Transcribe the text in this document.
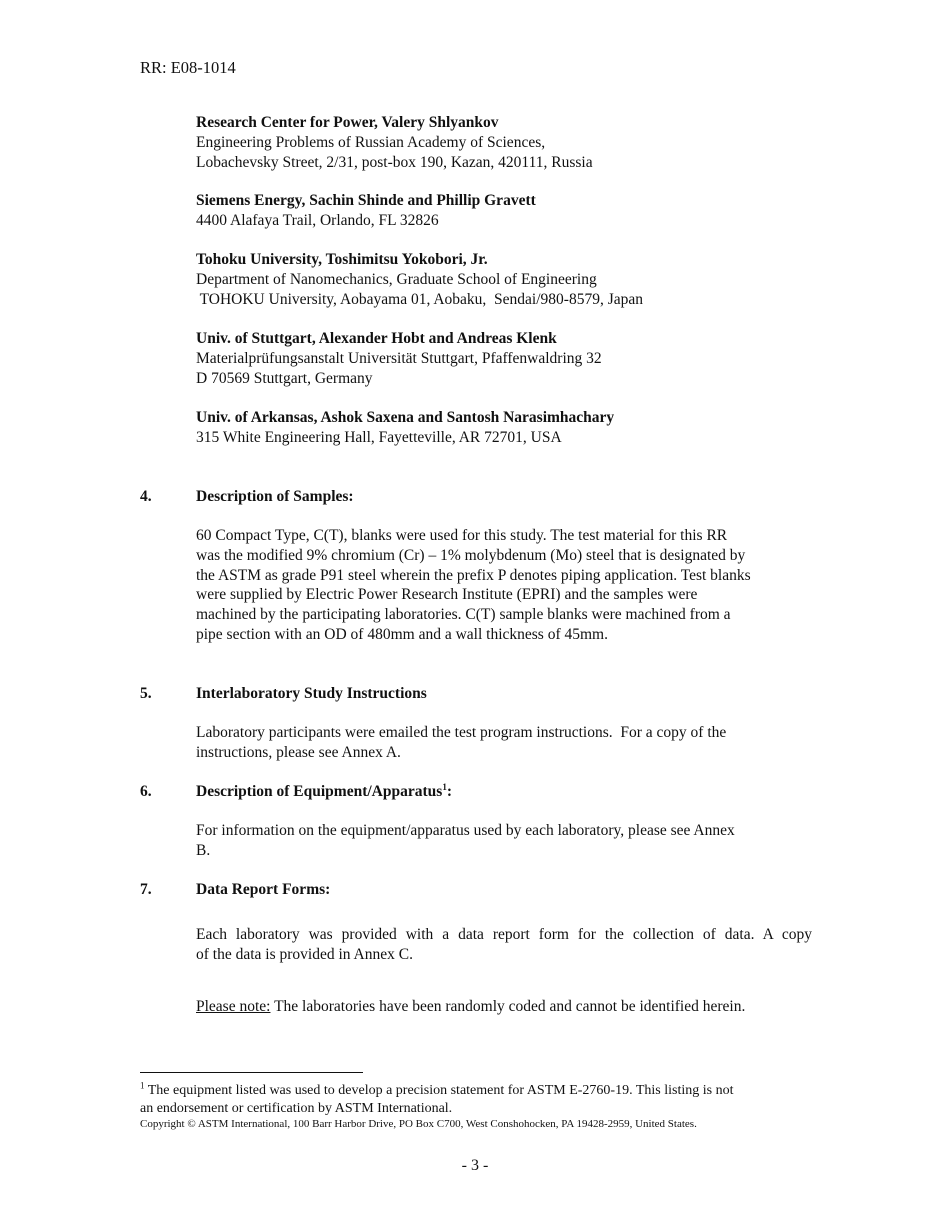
RR: E08-1014
Research Center for Power, Valery Shlyankov
Engineering Problems of Russian Academy of Sciences,
Lobachevsky Street, 2/31, post-box 190, Kazan, 420111, Russia
Siemens Energy, Sachin Shinde and Phillip Gravett
4400 Alafaya Trail, Orlando, FL 32826
Tohoku University, Toshimitsu Yokobori, Jr.
Department of Nanomechanics, Graduate School of Engineering
TOHOKU University, Aobayama 01, Aobaku,  Sendai/980-8579, Japan
Univ. of Stuttgart, Alexander Hobt and Andreas Klenk
Materialprüfungsanstalt Universität Stuttgart, Pfaffenwaldring 32
D 70569 Stuttgart, Germany
Univ. of Arkansas, Ashok Saxena and Santosh Narasimhachary
315 White Engineering Hall, Fayetteville, AR 72701, USA
4.	Description of Samples:
60 Compact Type, C(T), blanks were used for this study. The test material for this RR
was the modified 9% chromium (Cr) – 1% molybdenum (Mo) steel that is designated by
the ASTM as grade P91 steel wherein the prefix P denotes piping application. Test blanks
were supplied by Electric Power Research Institute (EPRI) and the samples were
machined by the participating laboratories. C(T) sample blanks were machined from a
pipe section with an OD of 480mm and a wall thickness of 45mm.
5.	Interlaboratory Study Instructions
Laboratory participants were emailed the test program instructions.  For a copy of the
instructions, please see Annex A.
6.	Description of Equipment/Apparatus$^1$:
For information on the equipment/apparatus used by each laboratory, please see Annex
B.
7.	Data Report Forms:
Each laboratory was provided with a data report form for the collection of data. A copy
of the data is provided in Annex C.
Please note: The laboratories have been randomly coded and cannot be identified herein.
$^1$ The equipment listed was used to develop a precision statement for ASTM E-2760-19. This listing is not
an endorsement or certification by ASTM International.
Copyright © ASTM International, 100 Barr Harbor Drive, PO Box C700, West Conshohocken, PA 19428-2959, United States.
- 3 -
